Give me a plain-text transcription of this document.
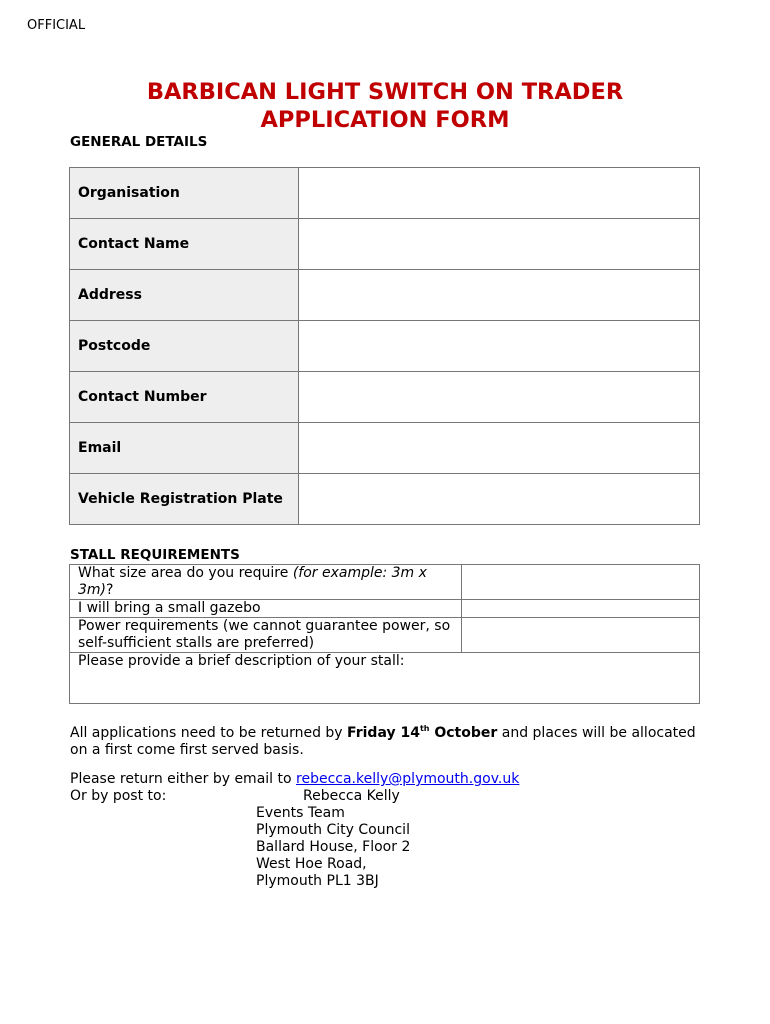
OFFICIAL
BARBICAN LIGHT SWITCH ON TRADER
APPLICATION FORM
GENERAL DETAILS
Organisation	
Contact Name	
Address	
Postcode	
Contact Number	
Email	
Vehicle Registration Plate	
STALL REQUIREMENTS
What size area do you require (for example: 3m x 3m)?	
I will bring a small gazebo	
Power requirements (we cannot guarantee power, so self-sufficient stalls are preferred)	
Please provide a brief description of your stall:	
All applications need to be returned by Friday 14th October and places will be allocated on a first come first served basis.
Please return either by email to rebecca.kelly@plymouth.gov.uk
Or by post to:	Rebecca Kelly
Events Team
Plymouth City Council
Ballard House, Floor 2
West Hoe Road,
Plymouth PL1 3BJ
